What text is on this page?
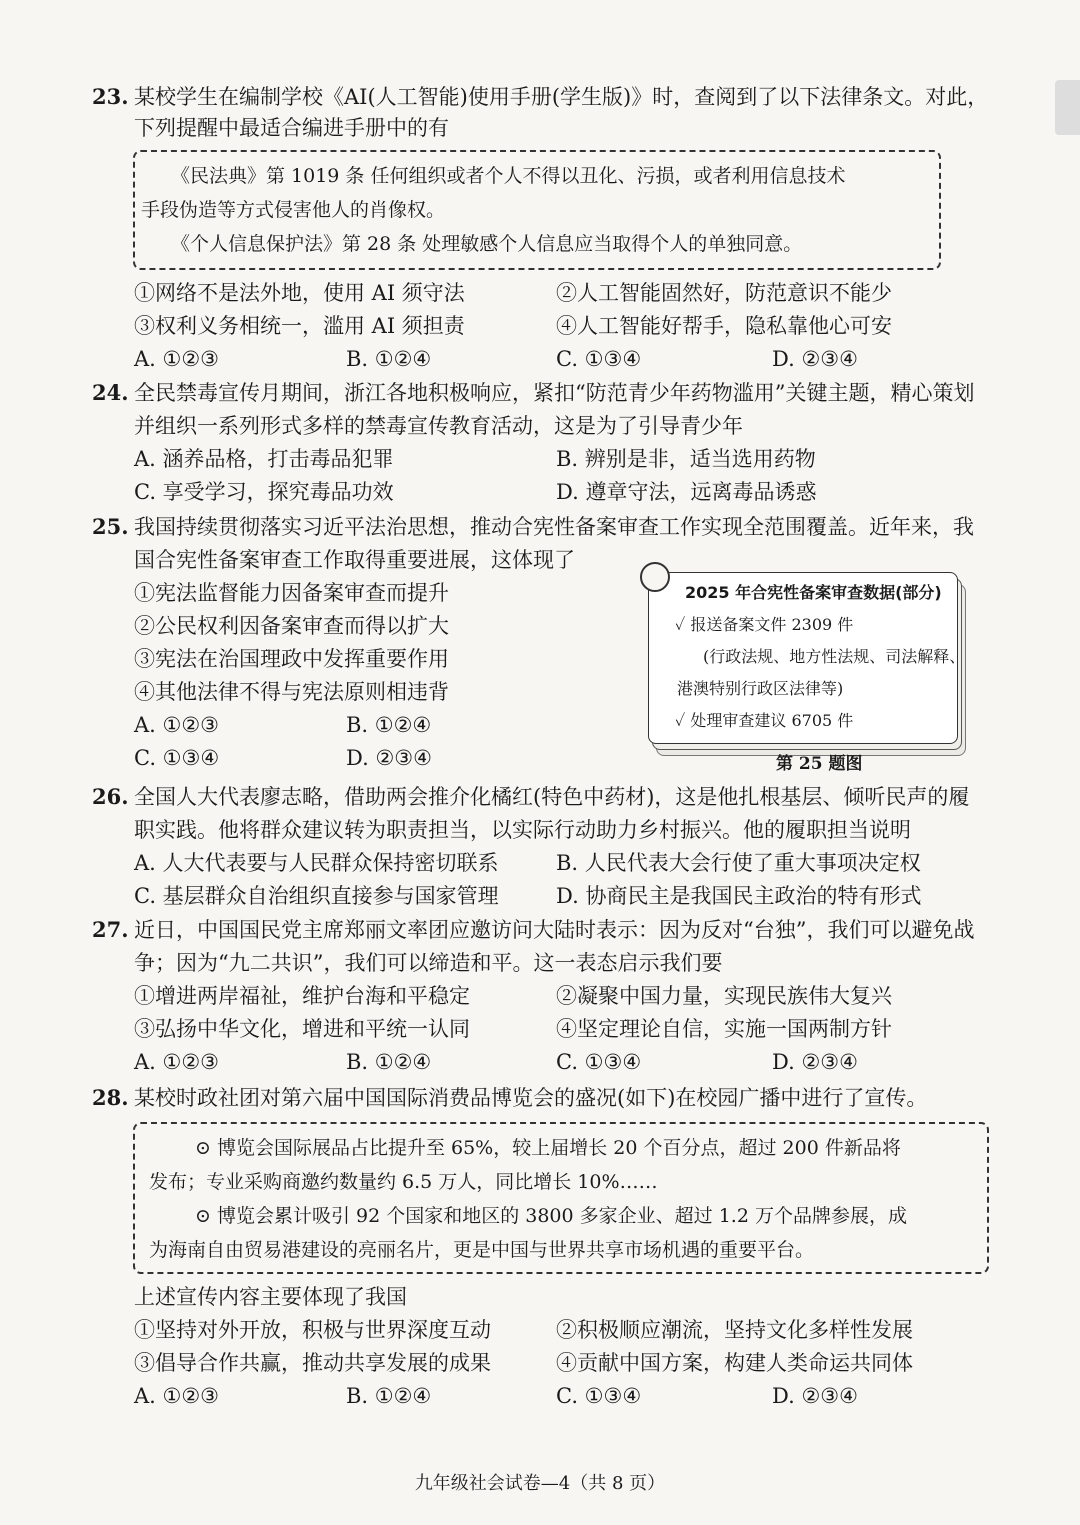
23. 某校学生在编制学校《AI(人工智能)使用手册(学生版)》时，查阅到了以下法律条文。对此，
下列提醒中最适合编进手册中的有
《民法典》第 1019 条 任何组织或者个人不得以丑化、污损，或者利用信息技术
手段伪造等方式侵害他人的肖像权。
《个人信息保护法》第 28 条 处理敏感个人信息应当取得个人的单独同意。
①网络不是法外地，使用 AI 须守法	②人工智能固然好，防范意识不能少
③权利义务相统一，滥用 AI 须担责	④人工智能好帮手，隐私靠他心可安
A. ①②③	B. ①②④	C. ①③④	D. ②③④
24. 全民禁毒宣传月期间，浙江各地积极响应，紧扣“防范青少年药物滥用”关键主题，精心策划
并组织一系列形式多样的禁毒宣传教育活动，这是为了引导青少年
A. 涵养品格，打击毒品犯罪	B. 辨别是非，适当选用药物
C. 享受学习，探究毒品功效	D. 遵章守法，远离毒品诱惑
25. 我国持续贯彻落实习近平法治思想，推动合宪性备案审查工作实现全范围覆盖。近年来，我
国合宪性备案审查工作取得重要进展，这体现了
①宪法监督能力因备案审查而提升
②公民权利因备案审查而得以扩大
③宪法在治国理政中发挥重要作用
④其他法律不得与宪法原则相违背
A. ①②③	B. ①②④
C. ①③④	D. ②③④
2025 年合宪性备案审查数据(部分)
✓ 报送备案文件 2309 件
(行政法规、地方性法规、司法解释、
港澳特别行政区法律等)
✓ 处理审查建议 6705 件
第 25 题图
26. 全国人大代表廖志略，借助两会推介化橘红(特色中药材)，这是他扎根基层、倾听民声的履
职实践。他将群众建议转为职责担当，以实际行动助力乡村振兴。他的履职担当说明
A. 人大代表要与人民群众保持密切联系	B. 人民代表大会行使了重大事项决定权
C. 基层群众自治组织直接参与国家管理	D. 协商民主是我国民主政治的特有形式
27. 近日，中国国民党主席郑丽文率团应邀访问大陆时表示：因为反对“台独”，我们可以避免战
争；因为“九二共识”，我们可以缔造和平。这一表态启示我们要
①增进两岸福祉，维护台海和平稳定	②凝聚中国力量，实现民族伟大复兴
③弘扬中华文化，增进和平统一认同	④坚定理论自信，实施一国两制方针
A. ①②③	B. ①②④	C. ①③④	D. ②③④
28. 某校时政社团对第六届中国国际消费品博览会的盛况(如下)在校园广播中进行了宣传。
⊙ 博览会国际展品占比提升至 65%，较上届增长 20 个百分点，超过 200 件新品将
发布；专业采购商邀约数量约 6.5 万人，同比增长 10%……
⊙ 博览会累计吸引 92 个国家和地区的 3800 多家企业、超过 1.2 万个品牌参展，成
为海南自由贸易港建设的亮丽名片，更是中国与世界共享市场机遇的重要平台。
上述宣传内容主要体现了我国
①坚持对外开放，积极与世界深度互动	②积极顺应潮流，坚持文化多样性发展
③倡导合作共赢，推动共享发展的成果	④贡献中国方案，构建人类命运共同体
A. ①②③	B. ①②④	C. ①③④	D. ②③④
九年级社会试卷—4（共 8 页）
